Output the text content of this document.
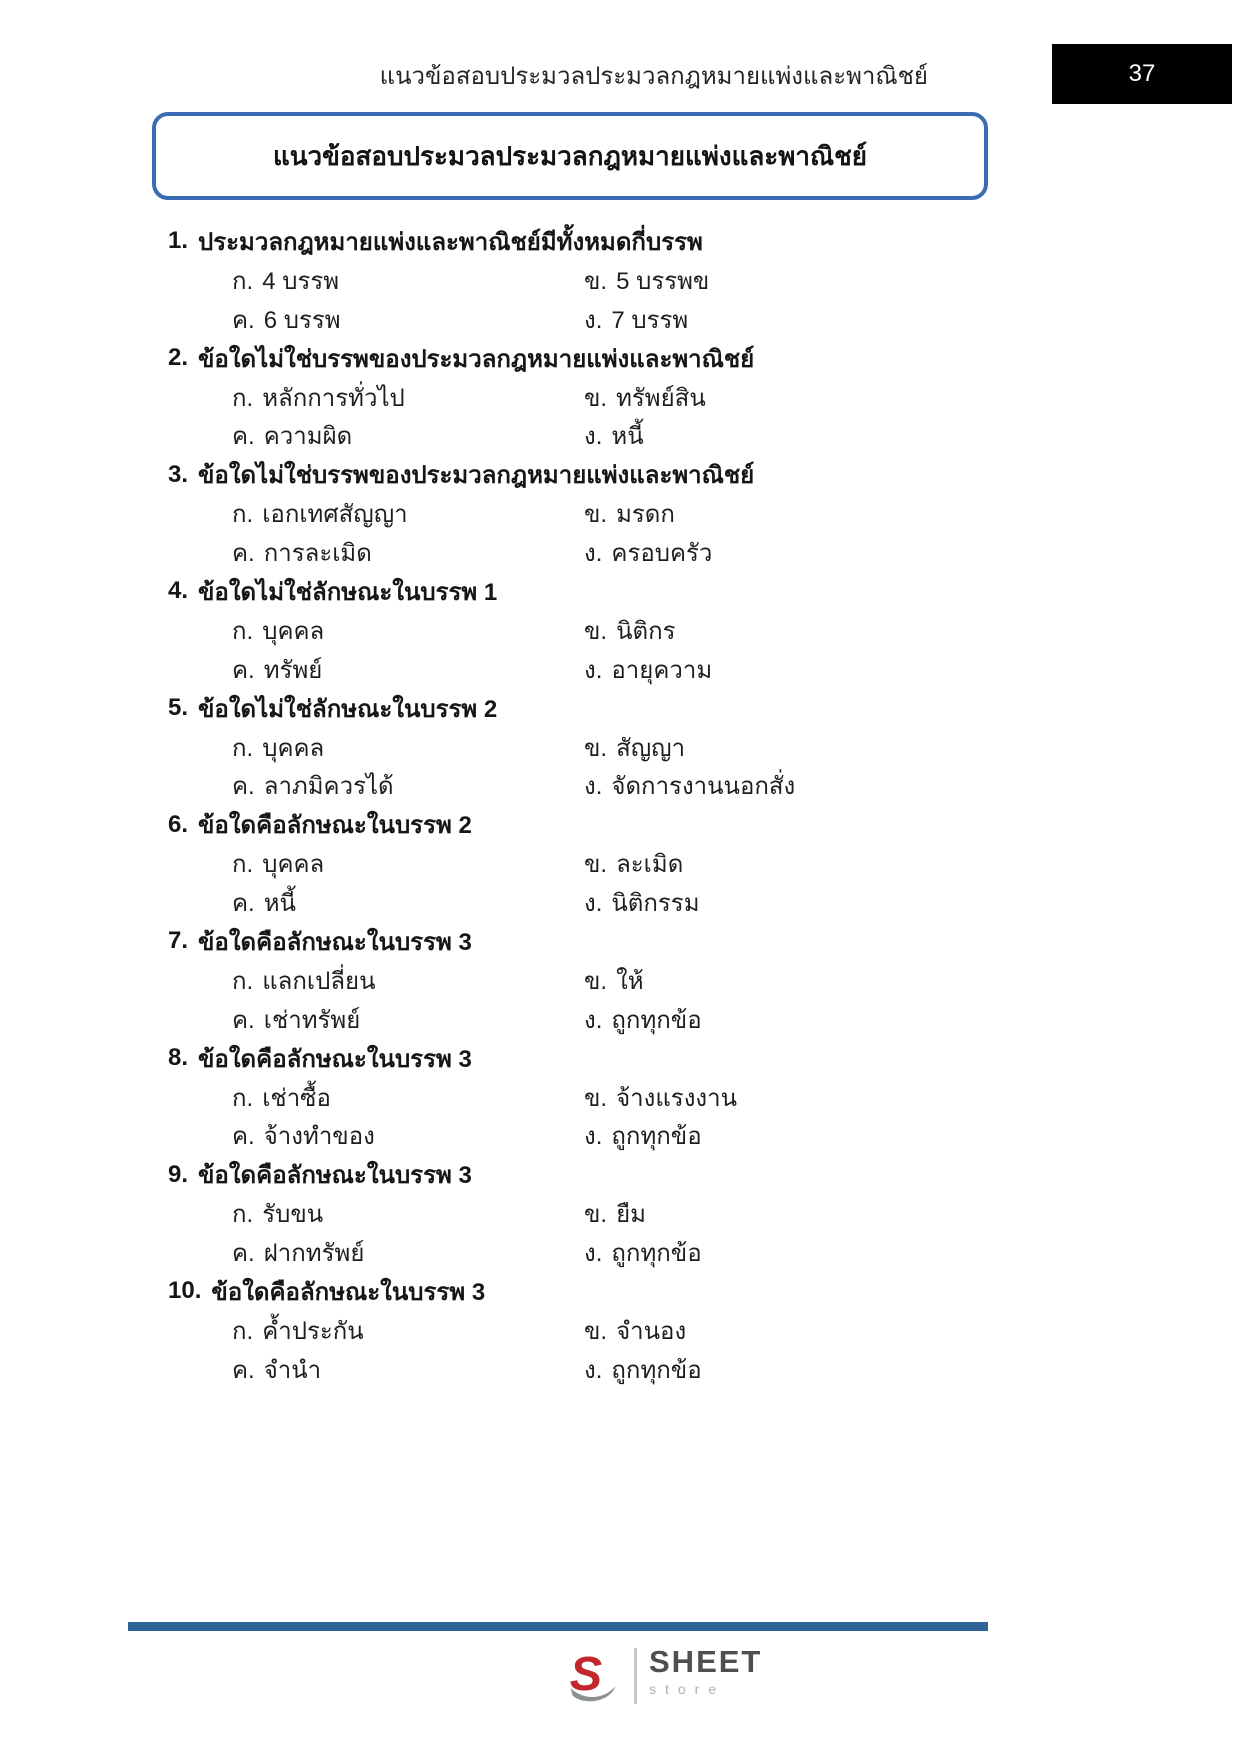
แนวข้อสอบประมวลประมวลกฎหมายแพ่งและพาณิชย์	37
แนวข้อสอบประมวลประมวลกฎหมายแพ่งและพาณิชย์
1. ประมวลกฎหมายแพ่งและพาณิชย์มีทั้งหมดกี่บรรพ
ก. 4 บรรพ	ข. 5 บรรพข
ค. 6 บรรพ	ง. 7 บรรพ
2. ข้อใดไม่ใช่บรรพของประมวลกฎหมายแพ่งและพาณิชย์
ก. หลักการทั่วไป	ข. ทรัพย์สิน
ค. ความผิด	ง. หนี้
3. ข้อใดไม่ใช่บรรพของประมวลกฎหมายแพ่งและพาณิชย์
ก. เอกเทศสัญญา	ข. มรดก
ค. การละเมิด	ง. ครอบครัว
4. ข้อใดไม่ใช่ลักษณะในบรรพ 1
ก. บุคคล	ข. นิติกร
ค. ทรัพย์	ง. อายุความ
5. ข้อใดไม่ใช่ลักษณะในบรรพ 2
ก. บุคคล	ข. สัญญา
ค. ลาภมิควรได้	ง. จัดการงานนอกสั่ง
6. ข้อใดคือลักษณะในบรรพ 2
ก. บุคคล	ข. ละเมิด
ค. หนี้	ง. นิติกรรม
7. ข้อใดคือลักษณะในบรรพ 3
ก. แลกเปลี่ยน	ข. ให้
ค. เช่าทรัพย์	ง. ถูกทุกข้อ
8. ข้อใดคือลักษณะในบรรพ 3
ก. เช่าซื้อ	ข. จ้างแรงงาน
ค. จ้างทำของ	ง. ถูกทุกข้อ
9. ข้อใดคือลักษณะในบรรพ 3
ก. รับขน	ข. ยืม
ค. ฝากทรัพย์	ง. ถูกทุกข้อ
10. ข้อใดคือลักษณะในบรรพ 3
ก. ค้ำประกัน	ข. จำนอง
ค. จำนำ	ง. ถูกทุกข้อ
S SHEET
store
